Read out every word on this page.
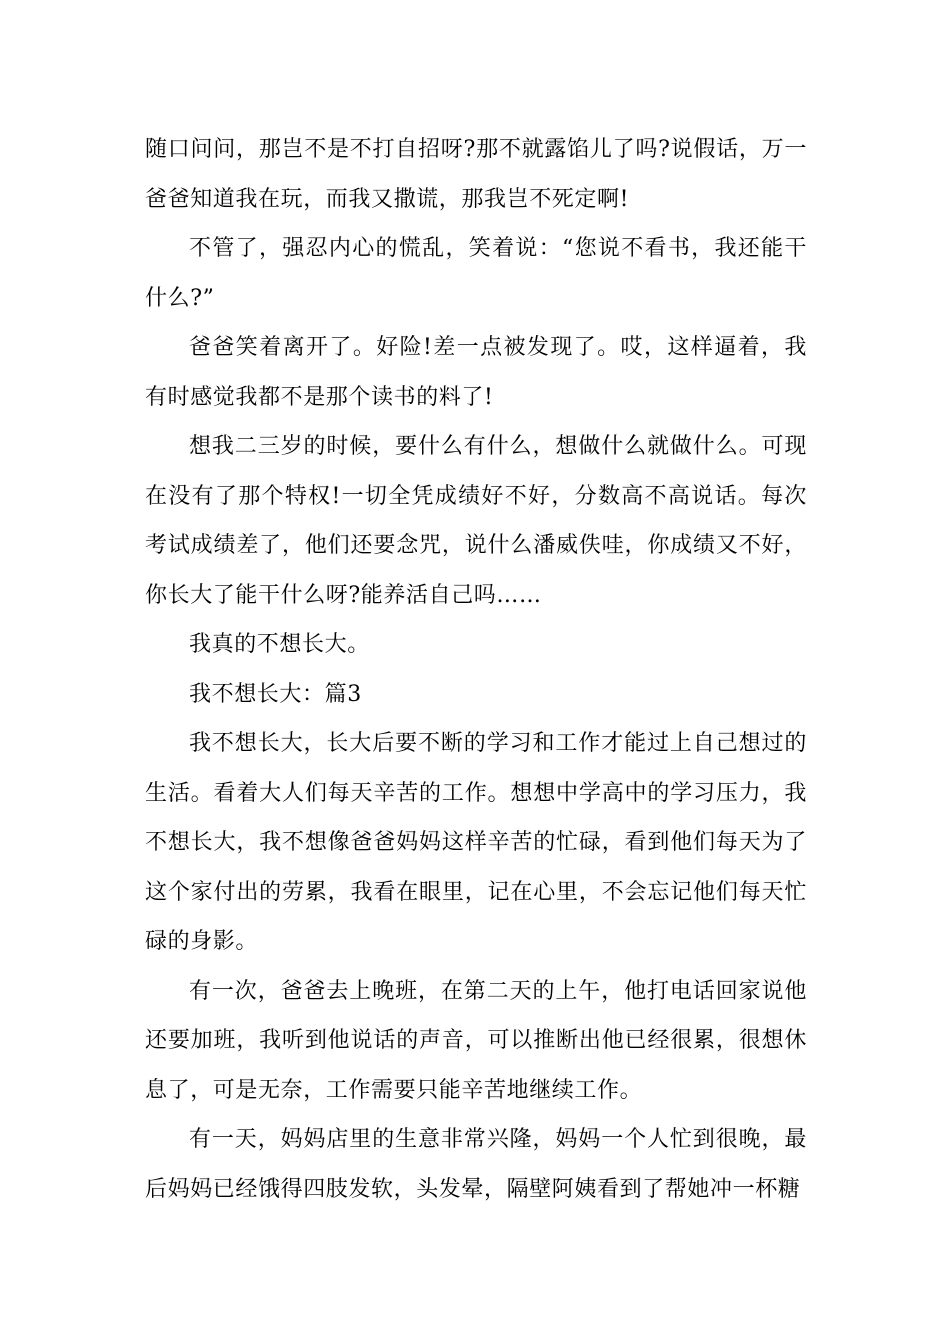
随口问问，那岂不是不打自招呀?那不就露馅儿了吗?说假话，万一爸爸知道我在玩，而我又撒谎，那我岂不死定啊!

不管了，强忍内心的慌乱，笑着说：“您说不看书，我还能干什么?”

爸爸笑着离开了。好险!差一点被发现了。哎，这样逼着，我有时感觉我都不是那个读书的料了!

想我二三岁的时候，要什么有什么，想做什么就做什么。可现在没有了那个特权!一切全凭成绩好不好，分数高不高说话。每次考试成绩差了，他们还要念咒，说什么潘威佚哇，你成绩又不好，你长大了能干什么呀?能养活自己吗……

我真的不想长大。

我不想长大：篇3

我不想长大，长大后要不断的学习和工作才能过上自己想过的生活。看着大人们每天辛苦的工作。想想中学高中的学习压力，我不想长大，我不想像爸爸妈妈这样辛苦的忙碌，看到他们每天为了这个家付出的劳累，我看在眼里，记在心里，不会忘记他们每天忙碌的身影。

有一次，爸爸去上晚班，在第二天的上午，他打电话回家说他还要加班，我听到他说话的声音，可以推断出他已经很累，很想休息了，可是无奈，工作需要只能辛苦地继续工作。

有一天，妈妈店里的生意非常兴隆，妈妈一个人忙到很晚，最后妈妈已经饿得四肢发软，头发晕，隔壁阿姨看到了帮她冲一杯糖
